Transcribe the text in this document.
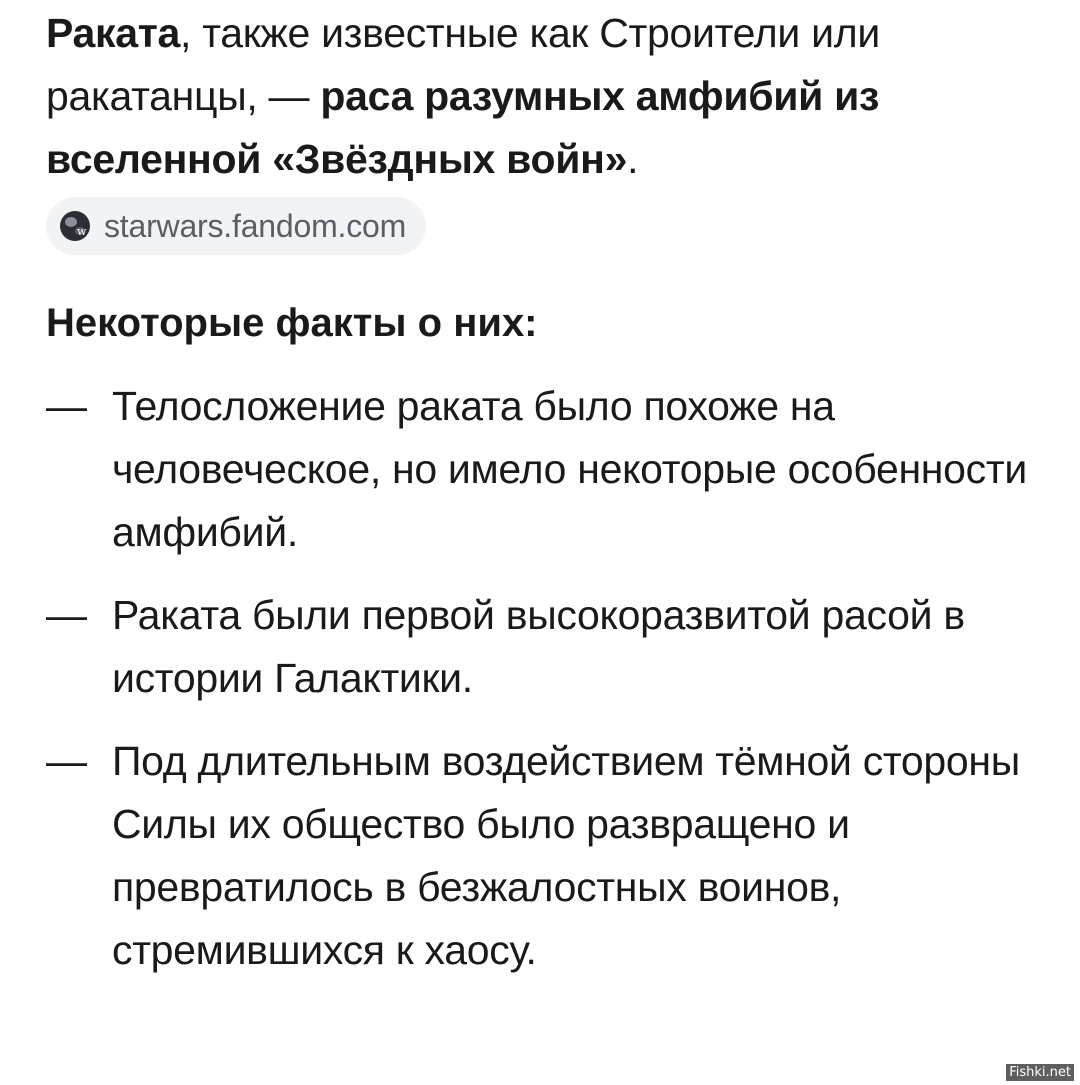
Раката, также известные как Строители или ракатанцы, — раса разумных амфибий из вселенной «Звёздных войн».

w starwars.fandom.com
Некоторые факты о них:
— Телосложение раката было похоже на человеческое, но имело некоторые особенности амфибий.
— Раката были первой высокоразвитой расой в истории Галактики.
— Под длительным воздействием тёмной стороны Силы их общество было развращено и превратилось в безжалостных воинов, стремившихся к хаосу.
Fishki.net
